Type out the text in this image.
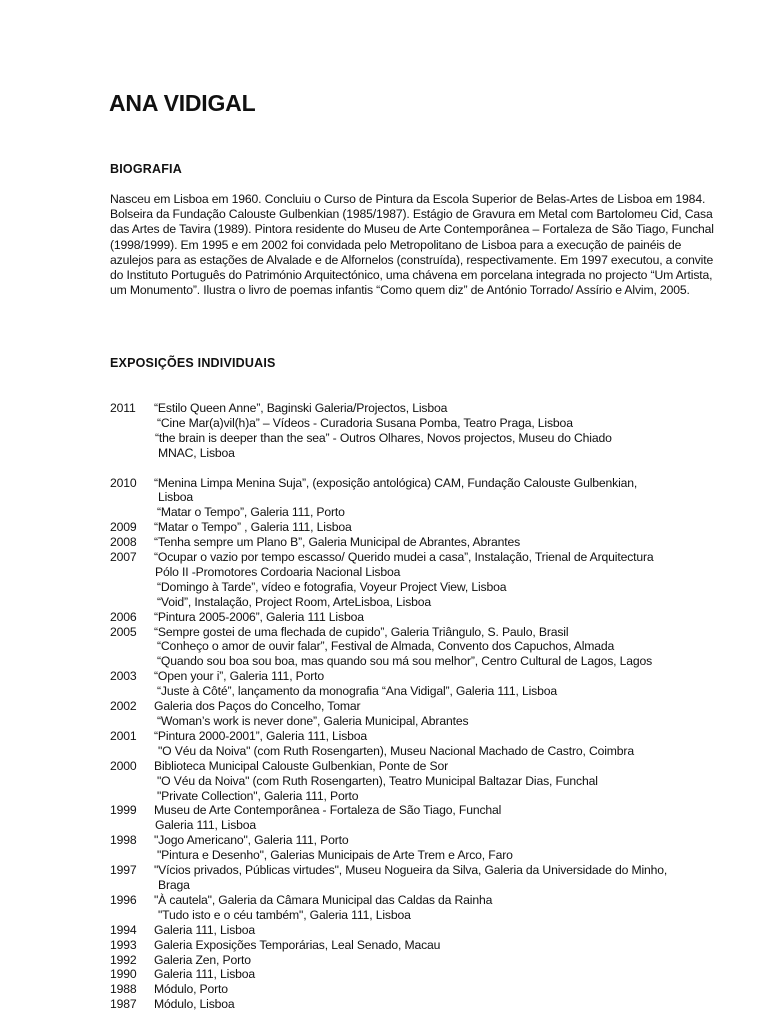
ANA VIDIGAL
BIOGRAFIA

Nasceu em Lisboa em 1960. Concluiu o Curso de Pintura da Escola Superior de Belas-Artes de Lisboa em 1984. Bolseira da Fundação Calouste Gulbenkian (1985/1987). Estágio de Gravura em Metal com Bartolomeu Cid, Casa das Artes de Tavira (1989). Pintora residente do Museu de Arte Contemporânea – Fortaleza de São Tiago, Funchal (1998/1999). Em 1995 e em 2002 foi convidada pelo Metropolitano de Lisboa para a execução de painéis de azulejos para as estações de Alvalade e de Alfornelos (construída), respectivamente. Em 1997 executou, a convite do Instituto Português do Património Arquitectónico, uma chávena em porcelana integrada no projecto “Um Artista, um Monumento”. Ilustra o livro de poemas infantis “Como quem diz” de António Torrado/ Assírio e Alvim, 2005.

EXPOSIÇÕES INDIVIDUAIS
2011	“Estilo Queen Anne”, Baginski Galeria/Projectos, Lisboa
“Cine Mar(a)vil(h)a” – Vídeos - Curadoria Susana Pomba, Teatro Praga, Lisboa
“the brain is deeper than the sea” - Outros Olhares, Novos projectos, Museu do Chiado
MNAC, Lisboa
2010	“Menina Limpa Menina Suja”, (exposição antológica) CAM, Fundação Calouste Gulbenkian,
Lisboa
“Matar o Tempo”, Galeria 111, Porto
2009	“Matar o Tempo” , Galeria 111, Lisboa
2008	“Tenha sempre um Plano B”, Galeria Municipal de Abrantes, Abrantes
2007	“Ocupar o vazio por tempo escasso/ Querido mudei a casa”, Instalação, Trienal de Arquitectura
Pólo II -Promotores Cordoaria Nacional Lisboa
“Domingo à Tarde”, vídeo e fotografia, Voyeur Project View, Lisboa
“Void”, Instalação, Project Room, ArteLisboa, Lisboa
2006	“Pintura 2005-2006”, Galeria 111 Lisboa
2005	“Sempre gostei de uma flechada de cupido”, Galeria Triângulo, S. Paulo, Brasil
“Conheço o amor de ouvir falar”, Festival de Almada, Convento dos Capuchos, Almada
“Quando sou boa sou boa, mas quando sou má sou melhor”, Centro Cultural de Lagos, Lagos
2003	“Open your i”, Galeria 111, Porto
“Juste à Côté”, lançamento da monografia “Ana Vidigal”, Galeria 111, Lisboa
2002	Galeria dos Paços do Concelho, Tomar
“Woman’s work is never done”, Galeria Municipal, Abrantes
2001	“Pintura 2000-2001”, Galeria 111, Lisboa
"O Véu da Noiva" (com Ruth Rosengarten), Museu Nacional Machado de Castro, Coimbra
2000	Biblioteca Municipal Calouste Gulbenkian, Ponte de Sor
"O Véu da Noiva" (com Ruth Rosengarten), Teatro Municipal Baltazar Dias, Funchal
"Private Collection", Galeria 111, Porto
1999	Museu de Arte Contemporânea - Fortaleza de São Tiago, Funchal
Galeria 111, Lisboa
1998	"Jogo Americano", Galeria 111, Porto
"Pintura e Desenho", Galerias Municipais de Arte Trem e Arco, Faro
1997	"Vícios privados, Públicas virtudes", Museu Nogueira da Silva, Galeria da Universidade do Minho,
Braga
1996	"À cautela", Galeria da Câmara Municipal das Caldas da Rainha
"Tudo isto e o céu também", Galeria 111, Lisboa
1994	Galeria 111, Lisboa
1993	Galeria Exposições Temporárias, Leal Senado, Macau
1992	Galeria Zen, Porto
1990	Galeria 111, Lisboa
1988	Módulo, Porto
1987	Módulo, Lisboa
